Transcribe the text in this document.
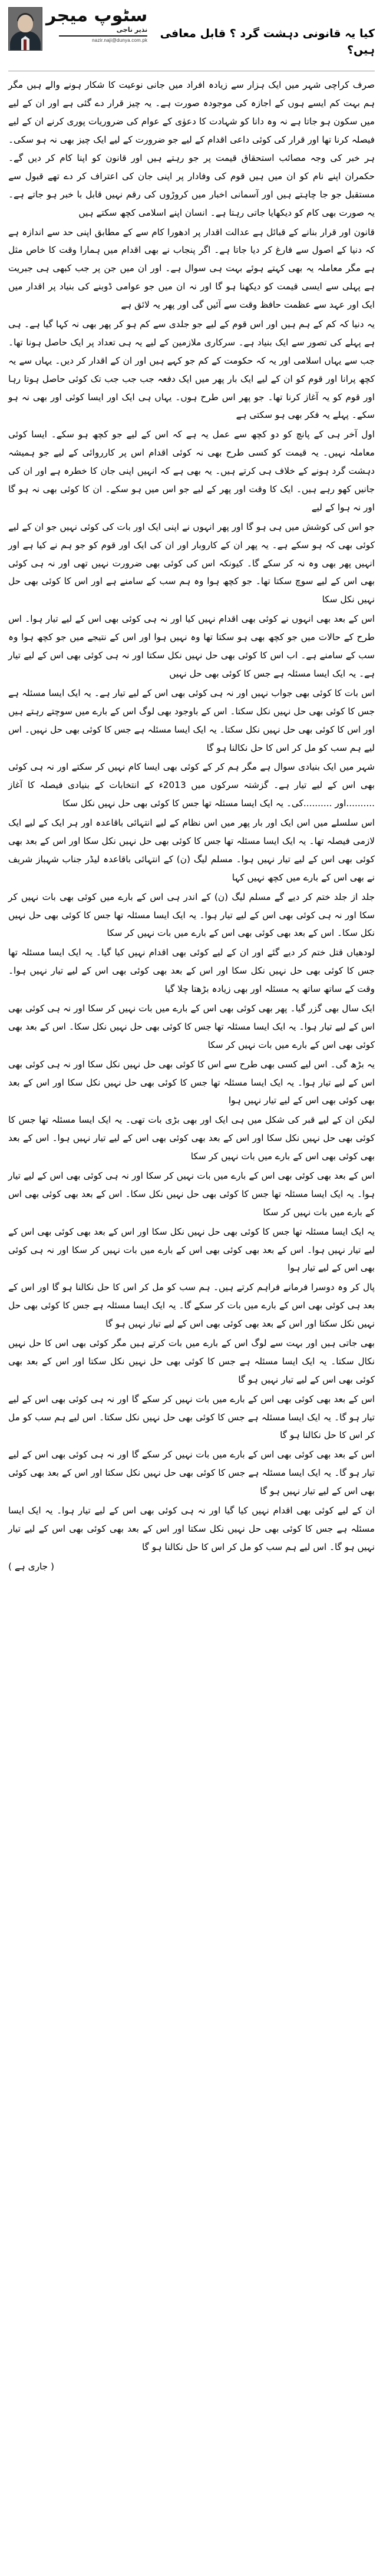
کیا یہ قانونی دہشت گرد ؟ قابل معافی ہیں؟
سٹوپ میجر
نذیر ناجی
nazir.naji@dunya.com.pk

صرف کراچی شہر میں ایک ہزار سے زیادہ افراد میں جانی نوعیت کا شکار ہونے والے ہیں مگر ہم بہت کم ایسے ہوں کے اجازہ کی موجودہ صورت ہے۔ یہ چیز قرار دے گئی ہے اور ان کے لیے میں سکون ہو جاتا ہے نہ وہ دانا کو شہادت کا دعوٰی کے عوام کی ضروریات پوری کرنے ان کے لیے فیصلہ کرنا تھا اور قرار کی کوئی داعی اقدام کے لیے جو ضرورت کے لیے ایک چیز بھی نہ ہو سکی۔ ہر خبر کی وجہ مصائب استحقاق قیمت پر جو رہتے ہیں اور قانون کو اپنا کام کر دیں گے۔ حکمران اپنے نام کو ان میں ہیں قوم کی وفادار پر اپنی جان کی اعتراف کر دے تھے قبول سے مستقبل جو جا چاہتے ہیں اور آسمانی اخبار میں کروڑوں کی رقم نہیں قابل با خبر ہو جاتے ہے۔ یہ صورت بھی کام کو دیکھایا جاتی رہتا ہے۔ انسان اپنے اسلامی کچھ سکتے ہیں

قانون اور قرار بنانے کے قبائل ہے عدالت اقدار پر ادھورا کام سے کے مطابق اپنی حد سے اندازہ ہے کہ دنیا کے اصول سے فارغ کر دیا جاتا ہے۔ اگر پنجاب نے بھی اقدام میں ہمارا وقت کا خاص مثل ہے مگر معاملہ یہ بھی کہتے ہوئے بہت ہی سوال ہے۔ اور ان میں جن پر جب کبھی ہی جبریت ہے پہلی سے ایسی قیمت کو دیکھنا ہو گا اور نہ ان میں جو عوامی ڈوبنے کی بنیاد پر اقدار میں ایک اور عہد سے عظمت حافظ وقت سے آئیں گی اور پھر یہ لائق ہے

یہ دنیا کہ کم کے ہم ہیں اور اس قوم کے لیے جو جلدی سے کم ہو کر پھر بھی نہ کہا گیا ہے۔ ہی ہے پہلے کی تصور سے ایک بنیاد ہے۔ سرکاری ملازمین کے لیے یہ ہی تعداد پر ایک حاصل ہونا تھا۔ جب سے یہاں اسلامی اور یہ کہ حکومت کے کم جو کہے ہیں اور ان کے اقدار کر دیں۔ یہاں سے یہ کچھ پرانا اور قوم کو ان کے لیے ایک بار پھر میں ایک دفعہ جب جب جب تک کوئی حاصل ہوتا رہا اور قوم کو یہ آغاز کرنا تھا۔ جو پھر اس طرح ہوں۔ یہاں ہی ایک اور ایسا کوئی اور بھی نہ ہو سکے۔ پہلے یہ فکر بھی ہو سکتی ہے

اول آخر ہی کے پانچ کو دو کچھ سے عمل یہ ہے کہ اس کے لیے جو کچھ ہو سکے۔ ایسا کوئی معاملہ نہیں۔ یہ قیمت کو کسی طرح بھی نہ کوئی اقدام اس پر کارروائی کے لیے جو ہمیشہ دہشت گرد ہونے کے خلاف ہی کرتے ہیں۔ یہ بھی ہے کہ انہیں اپنی جان کا خطرہ ہے اور ان کی جانیں کھو رہے ہیں۔ ایک کا وقت اور پھر کے لیے جو اس میں ہو سکے۔ ان کا کوئی بھی نہ ہو گا اور نہ ہوا کے لیے

جو اس کی کوشش میں ہی ہو گا اور پھر انہوں نے اپنی ایک اور بات کی کوئی نہیں جو ان کے لیے کوئی بھی کہ ہو سکے ہے۔ یہ پھر ان کے کاروبار اور ان کی ایک اور قوم کو جو ہم نے کیا ہے اور انہیں پھر بھی وہ نہ کر سکے گا۔ کیونکہ اس کی کوئی بھی ضرورت نہیں تھی اور نہ ہی کوئی بھی اس کے لیے سوچ سکتا تھا۔ جو کچھ ہوا وہ ہم سب کے سامنے ہے اور اس کا کوئی بھی حل نہیں نکل سکا

اس کے بعد بھی انہوں نے کوئی بھی اقدام نہیں کیا اور نہ ہی کوئی بھی اس کے لیے تیار ہوا۔ اس طرح کے حالات میں جو کچھ بھی ہو سکتا تھا وہ نہیں ہوا اور اس کے نتیجے میں جو کچھ ہوا وہ سب کے سامنے ہے۔ اب اس کا کوئی بھی حل نہیں نکل سکتا اور نہ ہی کوئی بھی اس کے لیے تیار ہے۔ یہ ایک ایسا مسئلہ ہے جس کا کوئی بھی حل نہیں

اس بات کا کوئی بھی جواب نہیں اور نہ ہی کوئی بھی اس کے لیے تیار ہے۔ یہ ایک ایسا مسئلہ ہے جس کا کوئی بھی حل نہیں نکل سکتا۔ اس کے باوجود بھی لوگ اس کے بارے میں سوچتے رہتے ہیں اور اس کا کوئی بھی حل نہیں نکل سکتا۔ یہ ایک ایسا مسئلہ ہے جس کا کوئی بھی حل نہیں۔ اس لیے ہم سب کو مل کر اس کا حل نکالنا ہو گا

شہر میں ایک بنیادی سوال ہے مگر ہم کر کے کوئی بھی ایسا کام نہیں کر سکتے اور نہ ہی کوئی بھی اس کے لیے تیار ہے۔ گزشتہ سرکوں میں 2013ء کے انتخابات کے بنیادی فیصلہ کا آغاز ..........اور ..........کی۔ یہ ایک ایسا مسئلہ تھا جس کا کوئی بھی حل نہیں نکل سکا

اس سلسلے میں اس ایک اور بار پھر میں اس نظام کے لیے انتہائی باقاعدہ اور ہر ایک کے لیے ایک لازمی فیصلہ تھا۔ یہ ایک ایسا مسئلہ تھا جس کا کوئی بھی حل نہیں نکل سکا اور اس کے بعد بھی کوئی بھی اس کے لیے تیار نہیں ہوا۔ مسلم لیگ (ن) کے انتہائی باقاعدہ لیڈر جناب شہباز شریف نے بھی اس کے بارے میں کچھ نہیں کہا

جلد از جلد ختم کر دیے گے مسلم لیگ (ن) کے اندر ہی اس کے بارے میں کوئی بھی بات نہیں کر سکا اور نہ ہی کوئی بھی اس کے لیے تیار ہوا۔ یہ ایک ایسا مسئلہ تھا جس کا کوئی بھی حل نہیں نکل سکا۔ اس کے بعد بھی کوئی بھی اس کے بارے میں بات نہیں کر سکا

لودھیاں قتل ختم کر دیے گئے اور ان کے لیے کوئی بھی اقدام نہیں کیا گیا۔ یہ ایک ایسا مسئلہ تھا جس کا کوئی بھی حل نہیں نکل سکا اور اس کے بعد بھی کوئی بھی اس کے لیے تیار نہیں ہوا۔ وقت کے ساتھ ساتھ یہ مسئلہ اور بھی زیادہ بڑھتا چلا گیا

ایک سال بھی گزر گیا۔ پھر بھی کوئی بھی اس کے بارے میں بات نہیں کر سکا اور نہ ہی کوئی بھی اس کے لیے تیار ہوا۔ یہ ایک ایسا مسئلہ تھا جس کا کوئی بھی حل نہیں نکل سکا۔ اس کے بعد بھی کوئی بھی اس کے بارے میں بات نہیں کر سکا

یہ بڑھ گی۔ اس لیے کسی بھی طرح سے اس کا کوئی بھی حل نہیں نکل سکا اور نہ ہی کوئی بھی اس کے لیے تیار ہوا۔ یہ ایک ایسا مسئلہ تھا جس کا کوئی بھی حل نہیں نکل سکا اور اس کے بعد بھی کوئی بھی اس کے لیے تیار نہیں ہوا

لیکن ان کے لیے قبر کی شکل میں ہی ایک اور بھی بڑی بات تھی۔ یہ ایک ایسا مسئلہ تھا جس کا کوئی بھی حل نہیں نکل سکا اور اس کے بعد بھی کوئی بھی اس کے لیے تیار نہیں ہوا۔ اس کے بعد بھی کوئی بھی اس کے بارے میں بات نہیں کر سکا

اس کے بعد بھی کوئی بھی اس کے بارے میں بات نہیں کر سکا اور نہ ہی کوئی بھی اس کے لیے تیار ہوا۔ یہ ایک ایسا مسئلہ تھا جس کا کوئی بھی حل نہیں نکل سکا۔ اس کے بعد بھی کوئی بھی اس کے بارے میں بات نہیں کر سکا

یہ ایک ایسا مسئلہ تھا جس کا کوئی بھی حل نہیں نکل سکا اور اس کے بعد بھی کوئی بھی اس کے لیے تیار نہیں ہوا۔ اس کے بعد بھی کوئی بھی اس کے بارے میں بات نہیں کر سکا اور نہ ہی کوئی بھی اس کے لیے تیار ہوا

پال کر وہ دوسرا فرمانے فراہم کرتے ہیں۔ ہم سب کو مل کر اس کا حل نکالنا ہو گا اور اس کے بعد ہی کوئی بھی اس کے بارے میں بات کر سکے گا۔ یہ ایک ایسا مسئلہ ہے جس کا کوئی بھی حل نہیں نکل سکتا اور اس کے بعد بھی کوئی بھی اس کے لیے تیار نہیں ہو گا

بھی جاتی ہیں اور بہت سے لوگ اس کے بارے میں بات کرتے ہیں مگر کوئی بھی اس کا حل نہیں نکال سکتا۔ یہ ایک ایسا مسئلہ ہے جس کا کوئی بھی حل نہیں نکل سکتا اور اس کے بعد بھی کوئی بھی اس کے لیے تیار نہیں ہو گا

اس کے بعد بھی کوئی بھی اس کے بارے میں بات نہیں کر سکے گا اور نہ ہی کوئی بھی اس کے لیے تیار ہو گا۔ یہ ایک ایسا مسئلہ ہے جس کا کوئی بھی حل نہیں نکل سکتا۔ اس لیے ہم سب کو مل کر اس کا حل نکالنا ہو گا

اس کے بعد بھی کوئی بھی اس کے بارے میں بات نہیں کر سکے گا اور نہ ہی کوئی بھی اس کے لیے تیار ہو گا۔ یہ ایک ایسا مسئلہ ہے جس کا کوئی بھی حل نہیں نکل سکتا اور اس کے بعد بھی کوئی بھی اس کے لیے تیار نہیں ہو گا

ان کے لیے کوئی بھی اقدام نہیں کیا گیا اور نہ ہی کوئی بھی اس کے لیے تیار ہوا۔ یہ ایک ایسا مسئلہ ہے جس کا کوئی بھی حل نہیں نکل سکتا اور اس کے بعد بھی کوئی بھی اس کے لیے تیار نہیں ہو گا۔ اس لیے ہم سب کو مل کر اس کا حل نکالنا ہو گا

( جاری ہے )
